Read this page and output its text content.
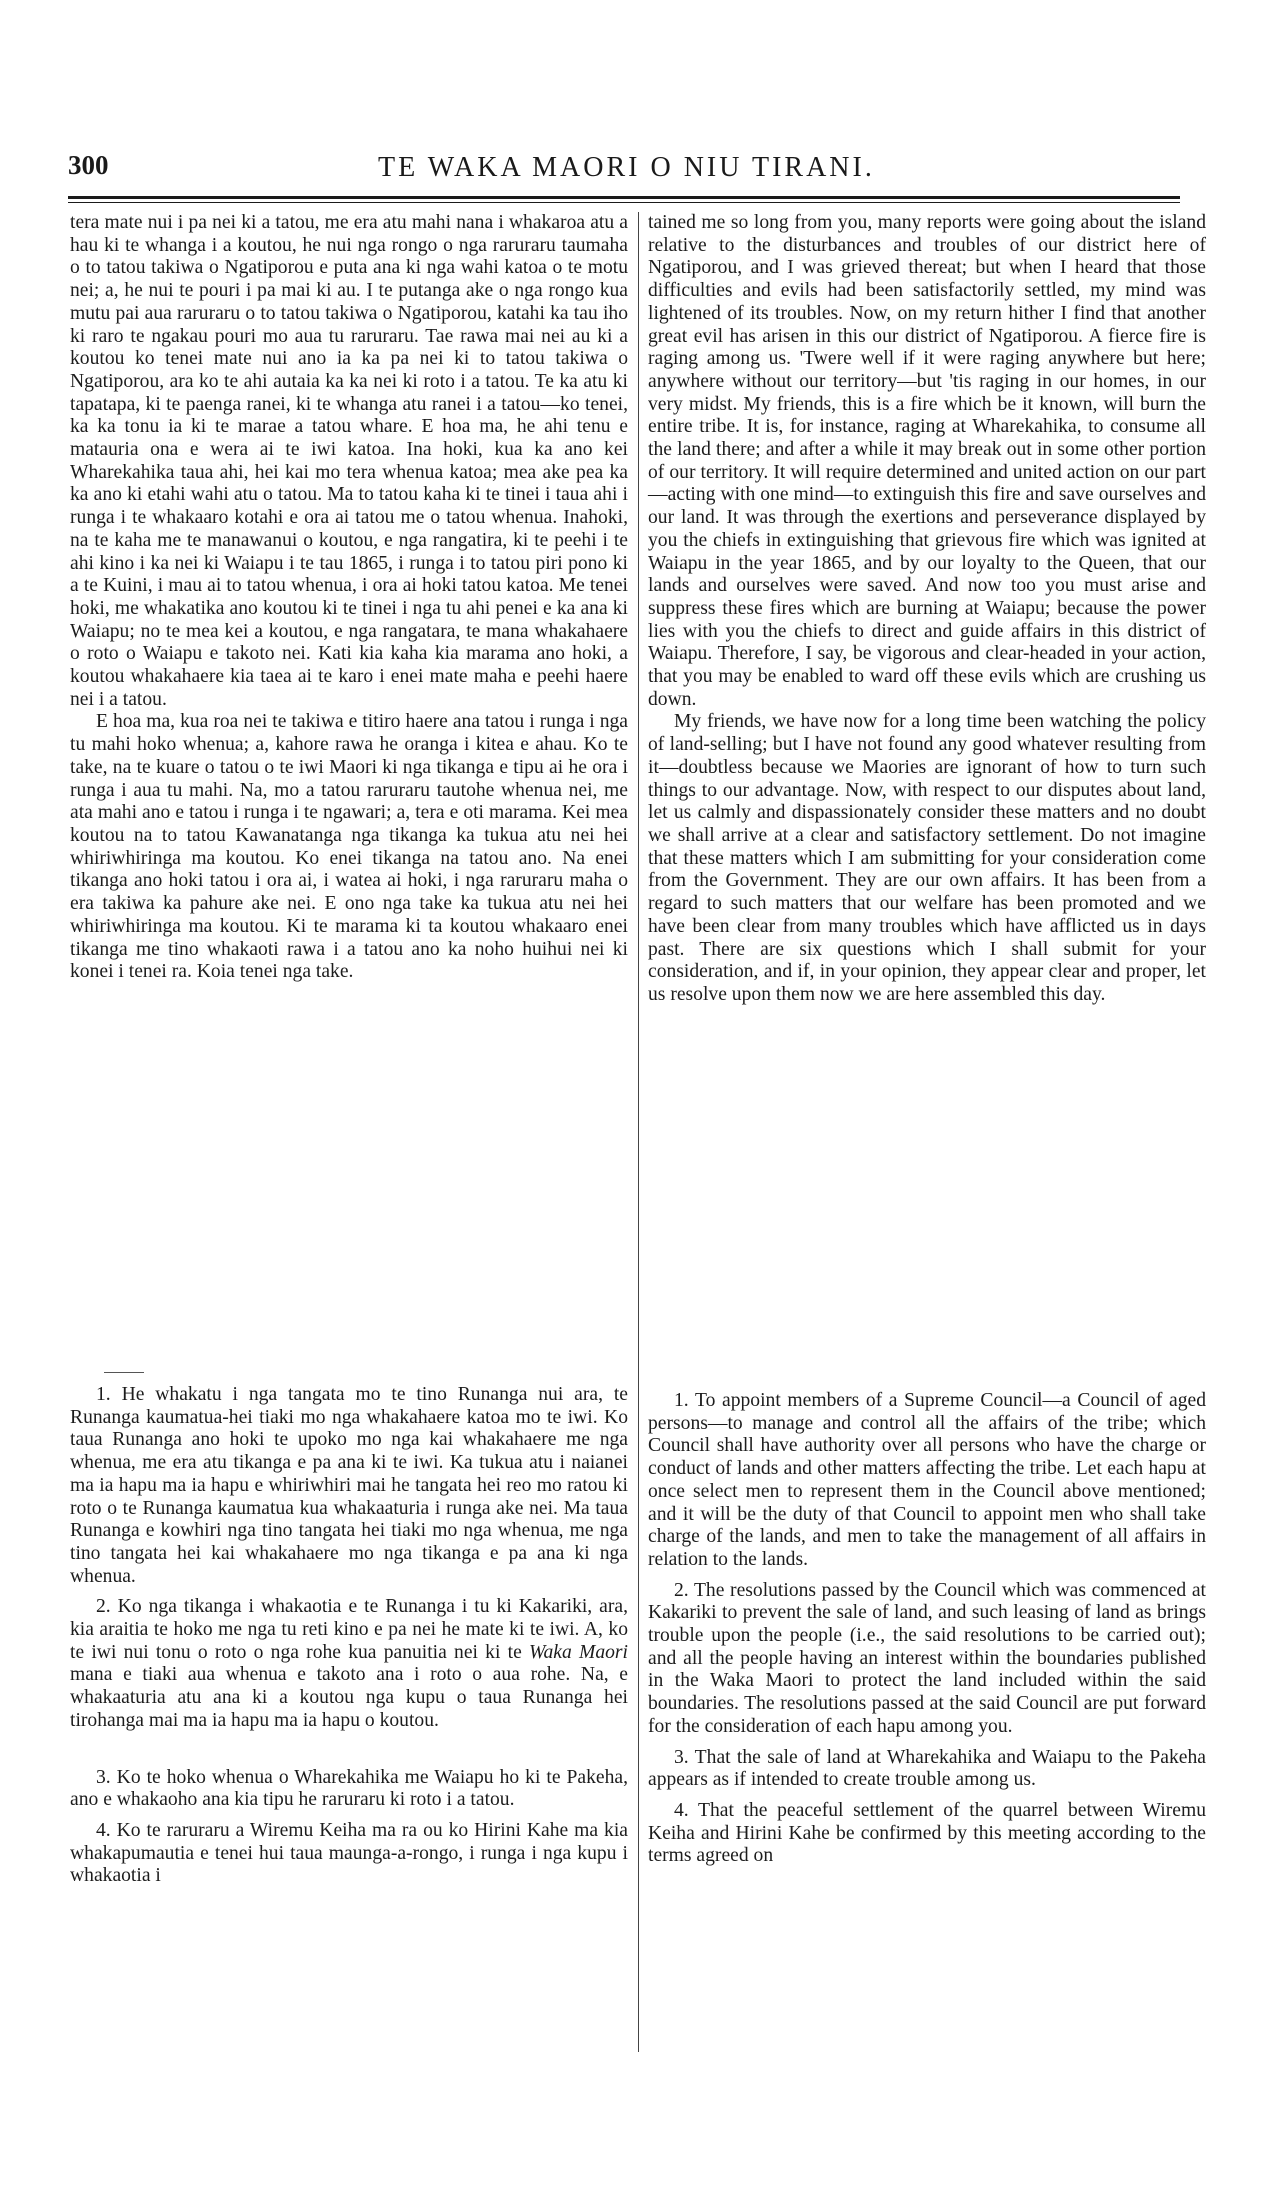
300	TE WAKA MAORI O NIU TIRANI.

tera mate nui i pa nei ki a tatou, me era atu mahi nana i whakaroa atu a hau ki te whanga i a koutou, he nui nga rongo o nga raruraru taumaha o to tatou takiwa o Ngatiporou e puta ana ki nga wahi katoa o te motu nei; a, he nui te pouri i pa mai ki au. I te putanga ake o nga rongo kua mutu pai aua raruraru o to tatou takiwa o Ngatiporou, katahi ka tau iho ki raro te ngakau pouri mo aua tu raruraru. Tae rawa mai nei au ki a koutou ko tenei mate nui ano ia ka pa nei ki to tatou takiwa o Ngatiporou, ara ko te ahi autaia ka ka nei ki roto i a tatou. Te ka atu ki tapatapa, ki te paenga ranei, ki te whanga atu ranei i a tatou—ko tenei, ka ka tonu ia ki te marae a tatou whare. E hoa ma, he ahi tenu e matauria ona e wera ai te iwi katoa. Ina hoki, kua ka ano kei Wharekahika taua ahi, hei kai mo tera whenua katoa; mea ake pea ka ka ano ki etahi wahi atu o tatou. Ma to tatou kaha ki te tinei i taua ahi i runga i te whakaaro kotahi e ora ai tatou me o tatou whenua. Inahoki, na te kaha me te manawanui o koutou, e nga rangatira, ki te peehi i te ahi kino i ka nei ki Waiapu i te tau 1865, i runga i to tatou piri pono ki a te Kuini, i mau ai to tatou whenua, i ora ai hoki tatou katoa. Me tenei hoki, me whakatika ano koutou ki te tinei i nga tu ahi penei e ka ana ki Waiapu; no te mea kei a koutou, e nga rangatara, te mana whakahaere o roto o Waiapu e takoto nei. Kati kia kaha kia marama ano hoki, a koutou whakahaere kia taea ai te karo i enei mate maha e peehi haere nei i a tatou.

E hoa ma, kua roa nei te takiwa e titiro haere ana tatou i runga i nga tu mahi hoko whenua; a, kahore rawa he oranga i kitea e ahau. Ko te take, na te kuare o tatou o te iwi Maori ki nga tikanga e tipu ai he ora i runga i aua tu mahi. Na, mo a tatou raruraru tautohe whenua nei, me ata mahi ano e tatou i runga i te ngawari; a, tera e oti marama. Kei mea koutou na to tatou Kawanatanga nga tikanga ka tukua atu nei hei whiriwhiringa ma koutou. Ko enei tikanga na tatou ano. Na enei tikanga ano hoki tatou i ora ai, i watea ai hoki, i nga raruraru maha o era takiwa ka pahure ake nei. E ono nga take ka tukua atu nei hei whiriwhiringa ma koutou. Ki te marama ki ta koutou whakaaro enei tikanga me tino whakaoti rawa i a tatou ano ka noho huihui nei ki konei i tenei ra. Koia tenei nga take.

tained me so long from you, many reports were going about the island relative to the disturbances and troubles of our district here of Ngatiporou, and I was grieved thereat; but when I heard that those difficulties and evils had been satisfactorily settled, my mind was lightened of its troubles. Now, on my return hither I find that another great evil has arisen in this our district of Ngatiporou. A fierce fire is raging among us. 'Twere well if it were raging anywhere but here; anywhere without our territory—but 'tis raging in our homes, in our very midst. My friends, this is a fire which be it known, will burn the entire tribe. It is, for instance, raging at Wharekahika, to consume all the land there; and after a while it may break out in some other portion of our territory. It will require determined and united action on our part—acting with one mind—to extinguish this fire and save ourselves and our land. It was through the exertions and perseverance displayed by you the chiefs in extinguishing that grievous fire which was ignited at Waiapu in the year 1865, and by our loyalty to the Queen, that our lands and ourselves were saved. And now too you must arise and suppress these fires which are burning at Waiapu; because the power lies with you the chiefs to direct and guide affairs in this district of Waiapu. Therefore, I say, be vigorous and clear-headed in your action, that you may be enabled to ward off these evils which are crushing us down.

My friends, we have now for a long time been watching the policy of land-selling; but I have not found any good whatever resulting from it—doubtless because we Maories are ignorant of how to turn such things to our advantage. Now, with respect to our disputes about land, let us calmly and dispassionately consider these matters and no doubt we shall arrive at a clear and satisfactory settlement. Do not imagine that these matters which I am submitting for your consideration come from the Government. They are our own affairs. It has been from a regard to such matters that our welfare has been promoted and we have been clear from many troubles which have afflicted us in days past. There are six questions which I shall submit for your consideration, and if, in your opinion, they appear clear and proper, let us resolve upon them now we are here assembled this day.

1. He whakatu i nga tangata mo te tino Runanga nui ara, te Runanga kaumatua-hei tiaki mo nga whakahaere katoa mo te iwi. Ko taua Runanga ano hoki te upoko mo nga kai whakahaere me nga whenua, me era atu tikanga e pa ana ki te iwi. Ka tukua atu i naianei ma ia hapu ma ia hapu e whiriwhiri mai he tangata hei reo mo ratou ki roto o te Runanga kaumatua kua whakaaturia i runga ake nei. Ma taua Runanga e kowhiri nga tino tangata hei tiaki mo nga whenua, me nga tino tangata hei kai whakahaere mo nga tikanga e pa ana ki nga whenua.

2. Ko nga tikanga i whakaotia e te Runanga i tu ki Kakariki, ara, kia araitia te hoko me nga tu reti kino e pa nei he mate ki te iwi. A, ko te iwi nui tonu o roto o nga rohe kua panuitia nei ki te Waka Maori mana e tiaki aua whenua e takoto ana i roto o aua rohe. Na, e whakaaturia atu ana ki a koutou nga kupu o taua Runanga hei tirohanga mai ma ia hapu ma ia hapu o koutou.

3. Ko te hoko whenua o Wharekahika me Waiapu ho ki te Pakeha, ano e whakaoho ana kia tipu he raruraru ki roto i a tatou.

4. Ko te raruraru a Wiremu Keiha ma ra ou ko Hirini Kahe ma kia whakapumautia e tenei hui taua maunga-a-rongo, i runga i nga kupu i whakaotia i

1. To appoint members of a Supreme Council—a Council of aged persons—to manage and control all the affairs of the tribe; which Council shall have authority over all persons who have the charge or conduct of lands and other matters affecting the tribe. Let each hapu at once select men to represent them in the Council above mentioned; and it will be the duty of that Council to appoint men who shall take charge of the lands, and men to take the management of all affairs in relation to the lands.

2. The resolutions passed by the Council which was commenced at Kakariki to prevent the sale of land, and such leasing of land as brings trouble upon the people (i.e., the said resolutions to be carried out); and all the people having an interest within the boundaries published in the Waka Maori to protect the land included within the said boundaries. The resolutions passed at the said Council are put forward for the consideration of each hapu among you.

3. That the sale of land at Wharekahika and Waiapu to the Pakeha appears as if intended to create trouble among us.

4. That the peaceful settlement of the quarrel between Wiremu Keiha and Hirini Kahe be confirmed by this meeting according to the terms agreed on
